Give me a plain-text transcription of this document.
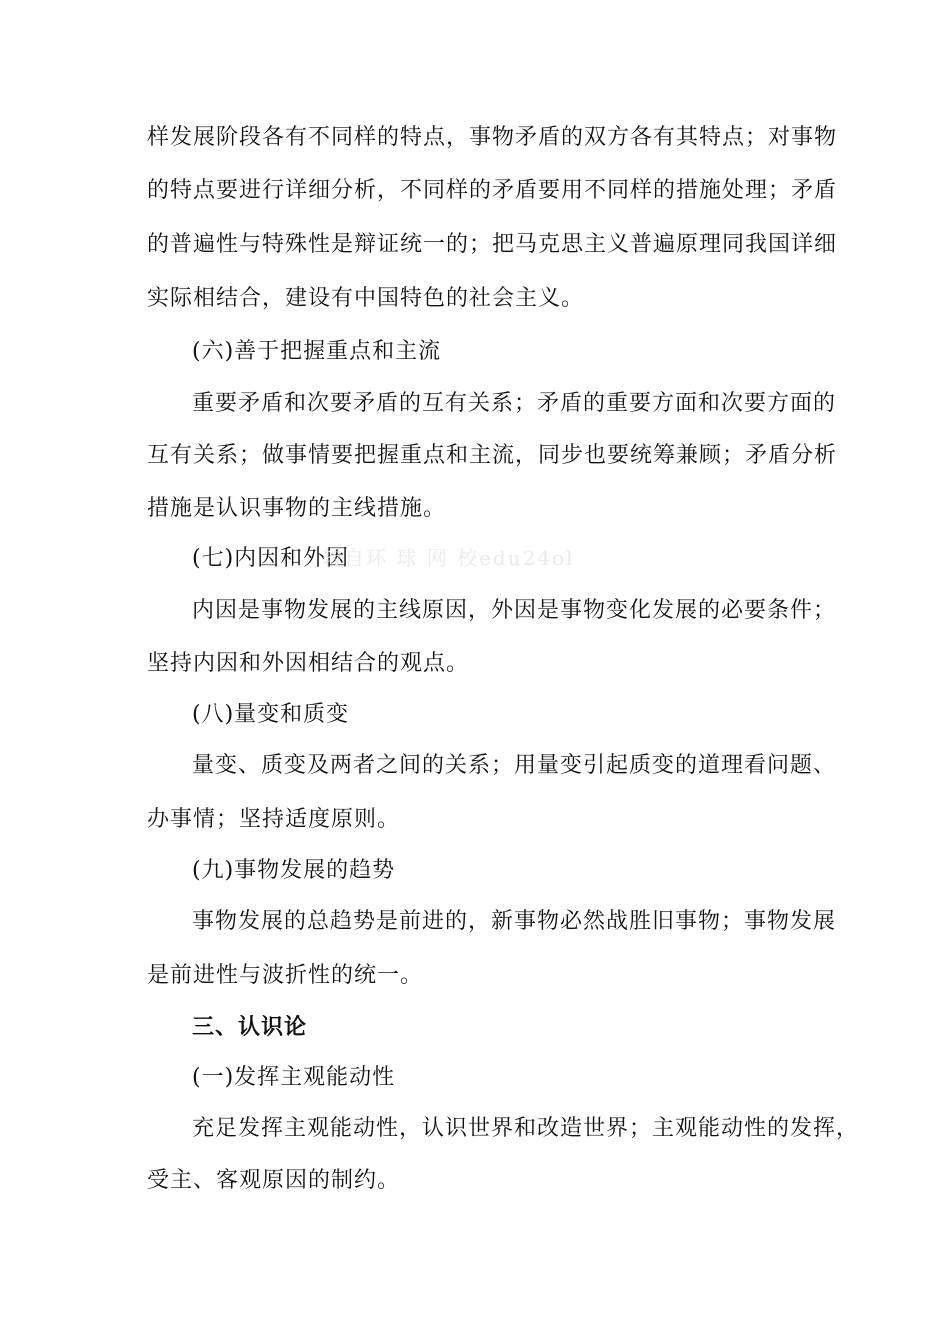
样发展阶段各有不同样的特点，事物矛盾的双方各有其特点；对事物
的特点要进行详细分析，不同样的矛盾要用不同样的措施处理；矛盾
的普遍性与特殊性是辩证统一的；把马克思主义普遍原理同我国详细
实际相结合，建设有中国特色的社会主义。
(六)善于把握重点和主流
重要矛盾和次要矛盾的互有关系；矛盾的重要方面和次要方面的
互有关系；做事情要把握重点和主流，同步也要统筹兼顾；矛盾分析
措施是认识事物的主线措施。
(七)内因和外因
内因是事物发展的主线原因，外因是事物变化发展的必要条件；
坚持内因和外因相结合的观点。
(八)量变和质变
量变、质变及两者之间的关系；用量变引起质变的道理看问题、
办事情；坚持适度原则。
(九)事物发展的趋势
事物发展的总趋势是前进的，新事物必然战胜旧事物；事物发展
是前进性与波折性的统一。
三、认识论
(一)发挥主观能动性
充足发挥主观能动性，认识世界和改造世界；主观能动性的发挥，
受主、客观原因的制约。
转自环 球 网 校edu24ol
